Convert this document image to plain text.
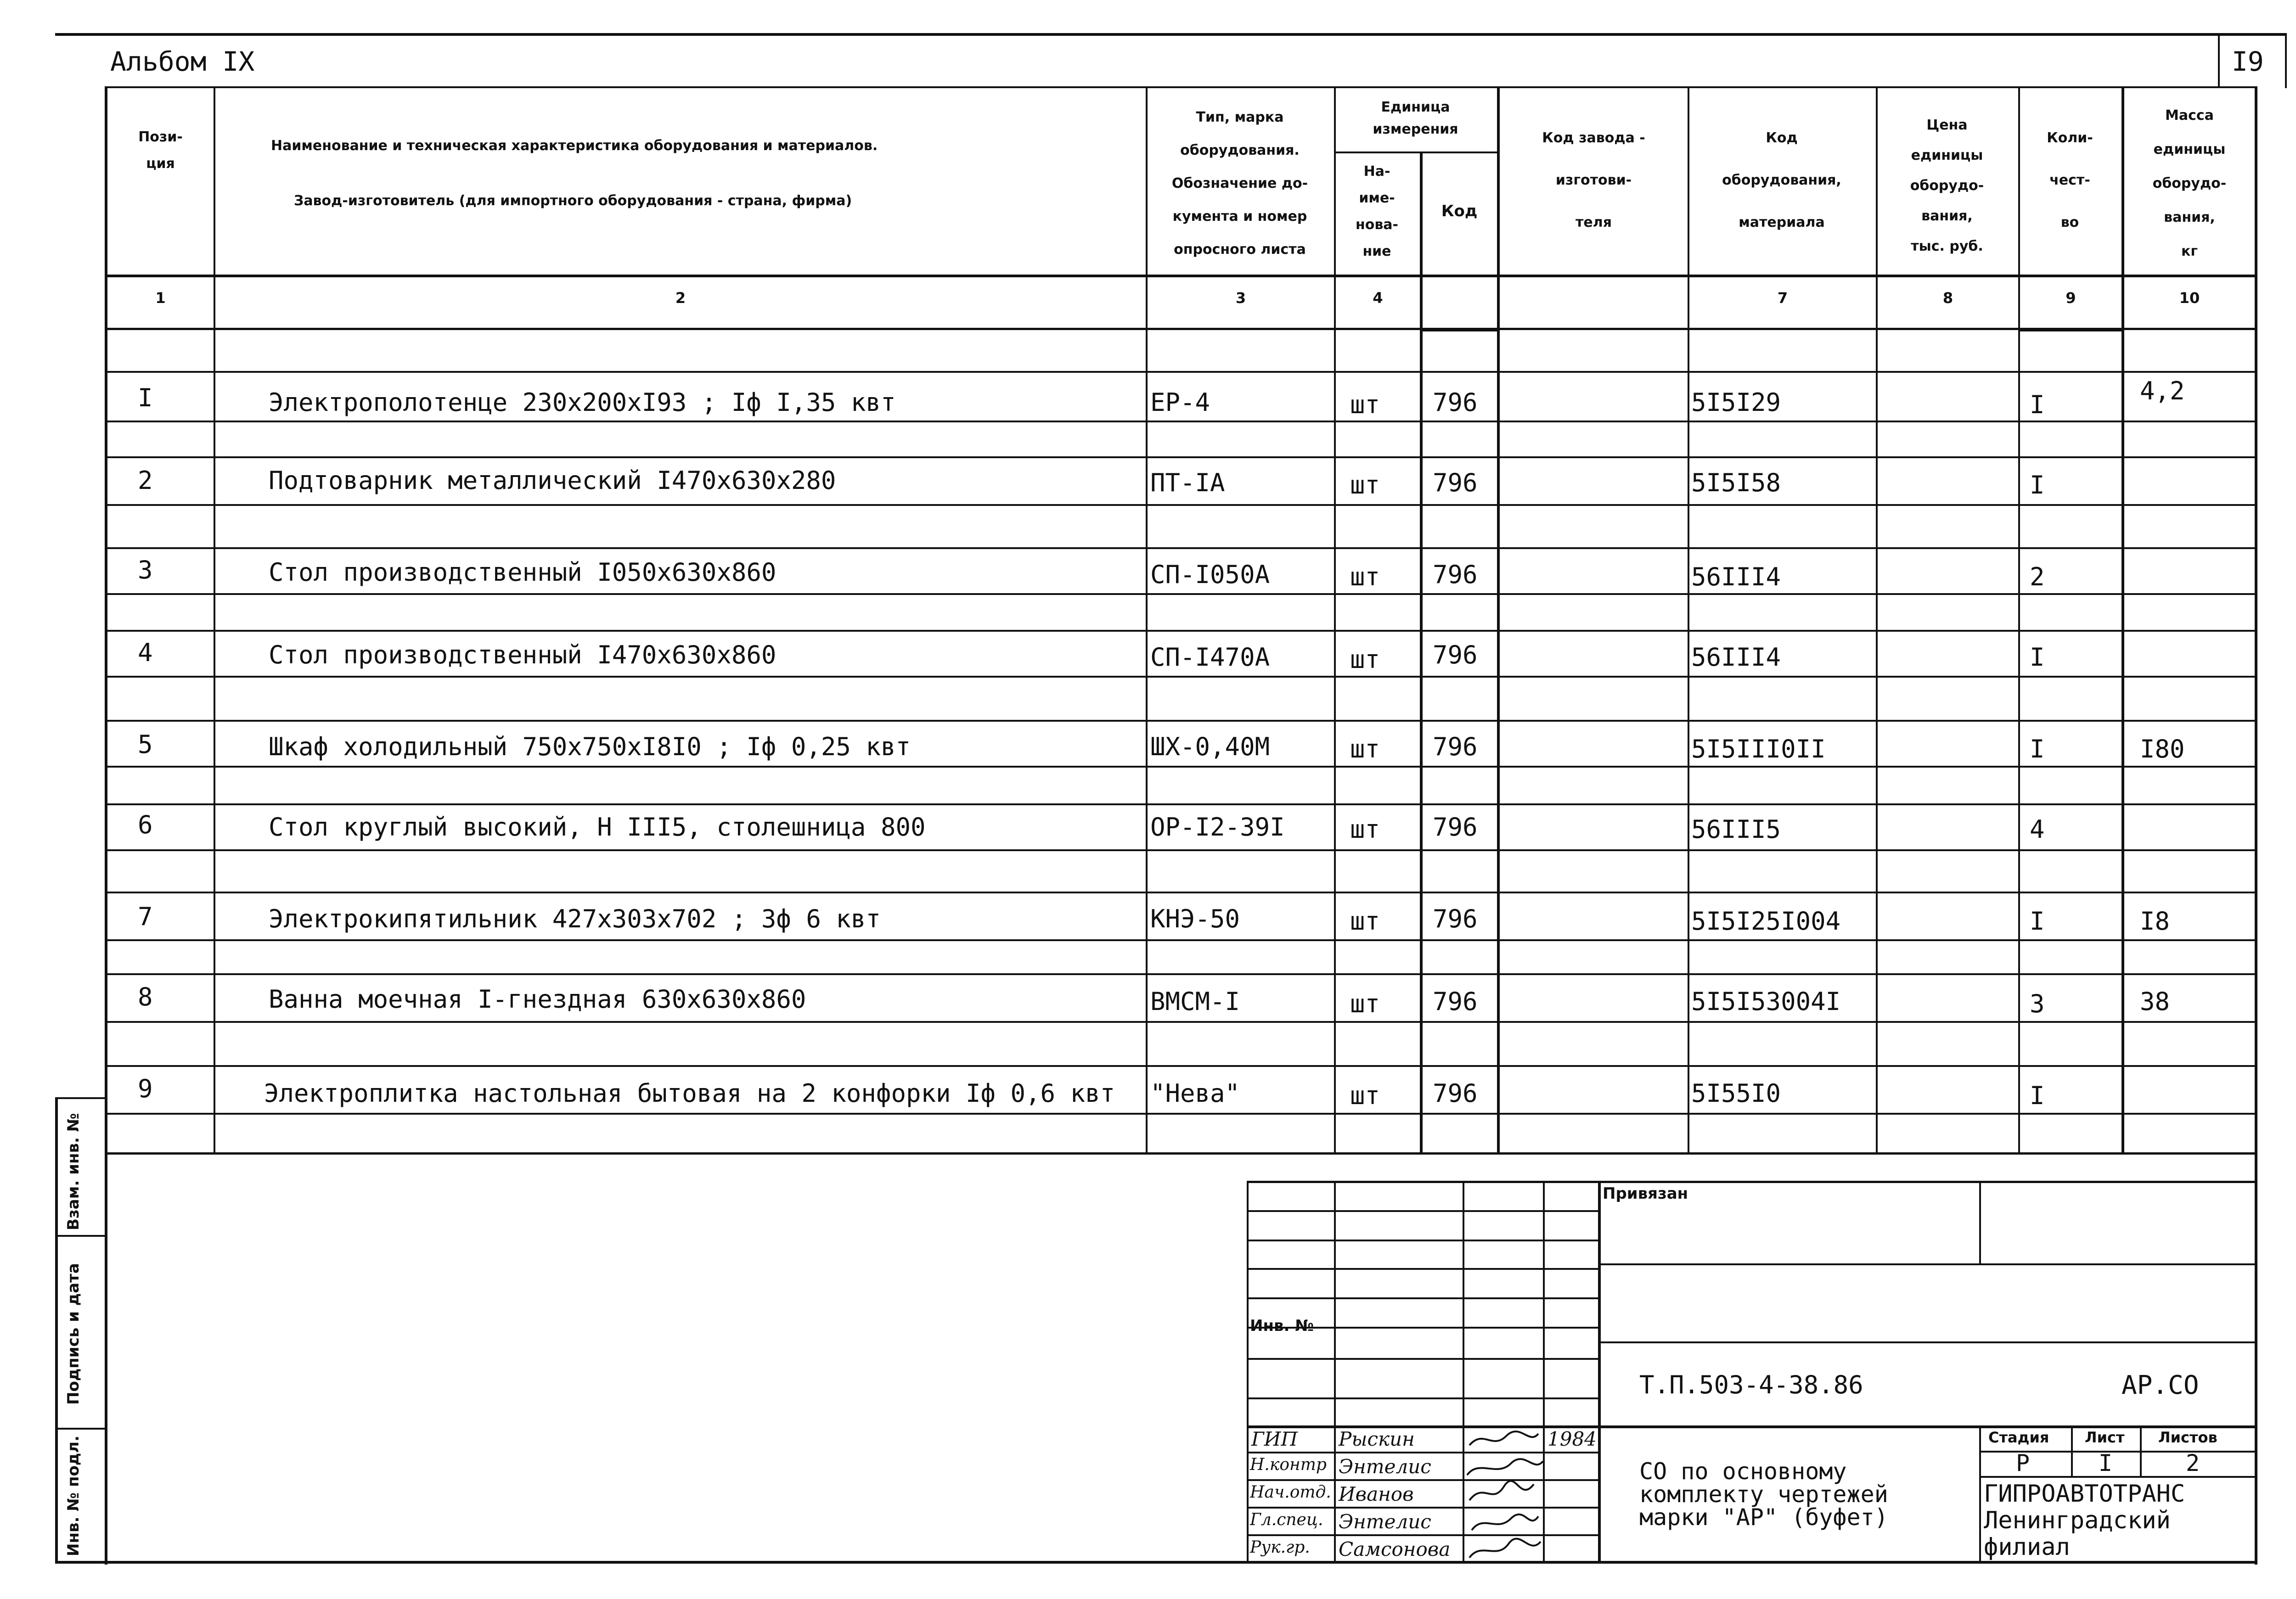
Альбом IX	I9
Пози-
ция
Наименование и техническая характеристика оборудования и материалов.
Завод-изготовитель (для импортного оборудования - страна, фирма)
Тип, марка
оборудования.
Обозначение до-
кумента и номер
опросного листа
Единица
измерения
На-
име-
нова-
ние
Код
Код завода -
изготови-
теля
Код
оборудования,
материала
Цена
единицы
оборудо-
вания,
тыс. руб.
Коли-
чест-
во
Масса
единицы
оборудо-
вания,
кг
1	2	3	4	7	8	9	10
I	Электрополотенце 230х200хI93 ; Iф I,35 квт	ЕР-4	шт 796	5I5I29	I	4,2
2	Подтоварник металлический I470х630х280	ПТ-IА	шт 796	5I5I58	I
3	Стол производственный I050х630х860	СП-I050А	шт 796	56III4	2
4	Стол производственный I470х630х860	СП-I470А	шт 796	56III4	I
5	Шкаф холодильный 750х750хI8I0 ; Iф 0,25 квт	ШХ-0,40М	шт 796	5I5III0II	I	I80
6	Стол круглый высокий, Н III5, столешница 800	ОР-I2-39I	шт 796	56III5	4
7	Электрокипятильник 427х303х702 ; 3ф 6 квт	КНЭ-50	шт 796	5I5I25I004	I	I8
8	Ванна моечная I-гнездная 630х630х860	ВМСМ-I	шт 796	5I5I53004I	3	38
9	Электроплитка настольная бытовая на 2 конфорки Iф 0,6 квт "Нева"	шт 796	5I55I0	I
Взам. инв. №
Подпись и дата
Инв. № подл.
Привязан
Инв. №
Т.П.503-4-38.86	АР.СО
СО по основному
комплекту чертежей
марки "АР" (буфет)
Стадия Лист Листов
Р	I	2
ГИПРОАВТОТРАНС
Ленинградский
филиал
ГИП Рыскин	1984
Н.контр Энтелис
Нач.отд. Иванов
Гл.спец. Энтелис
Рук.гр. Самсонова
